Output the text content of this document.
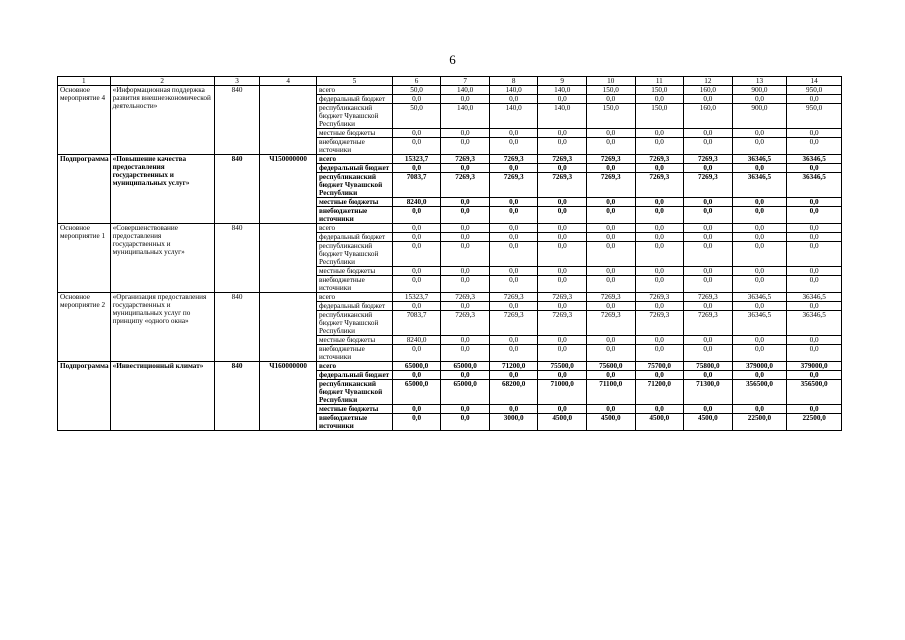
6
1	2	3	4	5	6	7	8	9	10	11	12	13	14
Основное мероприятие 4	«Информационная поддержка развития внешнеэкономической деятельности»	840		всего	50,0	140,0	140,0	140,0	150,0	150,0	160,0	900,0	950,0
				федеральный бюджет	0,0	0,0	0,0	0,0	0,0	0,0	0,0	0,0	0,0
				республиканский бюджет Чувашской Республики	50,0	140,0	140,0	140,0	150,0	150,0	160,0	900,0	950,0
				местные бюджеты	0,0	0,0	0,0	0,0	0,0	0,0	0,0	0,0	0,0
				внебюджетные источники	0,0	0,0	0,0	0,0	0,0	0,0	0,0	0,0	0,0
Подпрограмма	«Повышение качества предоставления государственных и муниципальных услуг»	840	Ч150000000	всего	15323,7	7269,3	7269,3	7269,3	7269,3	7269,3	7269,3	36346,5	36346,5
				федеральный бюджет	0,0	0,0	0,0	0,0	0,0	0,0	0,0	0,0	0,0
				республиканский бюджет Чувашской Республики	7083,7	7269,3	7269,3	7269,3	7269,3	7269,3	7269,3	36346,5	36346,5
				местные бюджеты	8240,0	0,0	0,0	0,0	0,0	0,0	0,0	0,0	0,0
				внебюджетные источники	0,0	0,0	0,0	0,0	0,0	0,0	0,0	0,0	0,0
Основное мероприятие 1	«Совершенствование предоставления государственных и муниципальных услуг»	840		всего	0,0	0,0	0,0	0,0	0,0	0,0	0,0	0,0	0,0
				федеральный бюджет	0,0	0,0	0,0	0,0	0,0	0,0	0,0	0,0	0,0
				республиканский бюджет Чувашской Республики	0,0	0,0	0,0	0,0	0,0	0,0	0,0	0,0	0,0
				местные бюджеты	0,0	0,0	0,0	0,0	0,0	0,0	0,0	0,0	0,0
				внебюджетные источники	0,0	0,0	0,0	0,0	0,0	0,0	0,0	0,0	0,0
Основное мероприятие 2	«Организация предоставления государственных и муниципальных услуг по принципу «одного окна»	840		всего	15323,7	7269,3	7269,3	7269,3	7269,3	7269,3	7269,3	36346,5	36346,5
				федеральный бюджет	0,0	0,0	0,0	0,0	0,0	0,0	0,0	0,0	0,0
				республиканский бюджет Чувашской Республики	7083,7	7269,3	7269,3	7269,3	7269,3	7269,3	7269,3	36346,5	36346,5
				местные бюджеты	8240,0	0,0	0,0	0,0	0,0	0,0	0,0	0,0	0,0
				внебюджетные источники	0,0	0,0	0,0	0,0	0,0	0,0	0,0	0,0	0,0
Подпрограмма	«Инвестиционный климат»	840	Ч160000000	всего	65000,0	65000,0	71200,0	75500,0	75600,0	75700,0	75800,0	379000,0	379000,0
				федеральный бюджет	0,0	0,0	0,0	0,0	0,0	0,0	0,0	0,0	0,0
				республиканский бюджет Чувашской Республики	65000,0	65000,0	68200,0	71000,0	71100,0	71200,0	71300,0	356500,0	356500,0
				местные бюджеты	0,0	0,0	0,0	0,0	0,0	0,0	0,0	0,0	0,0
				внебюджетные источники	0,0	0,0	3000,0	4500,0	4500,0	4500,0	4500,0	22500,0	22500,0
